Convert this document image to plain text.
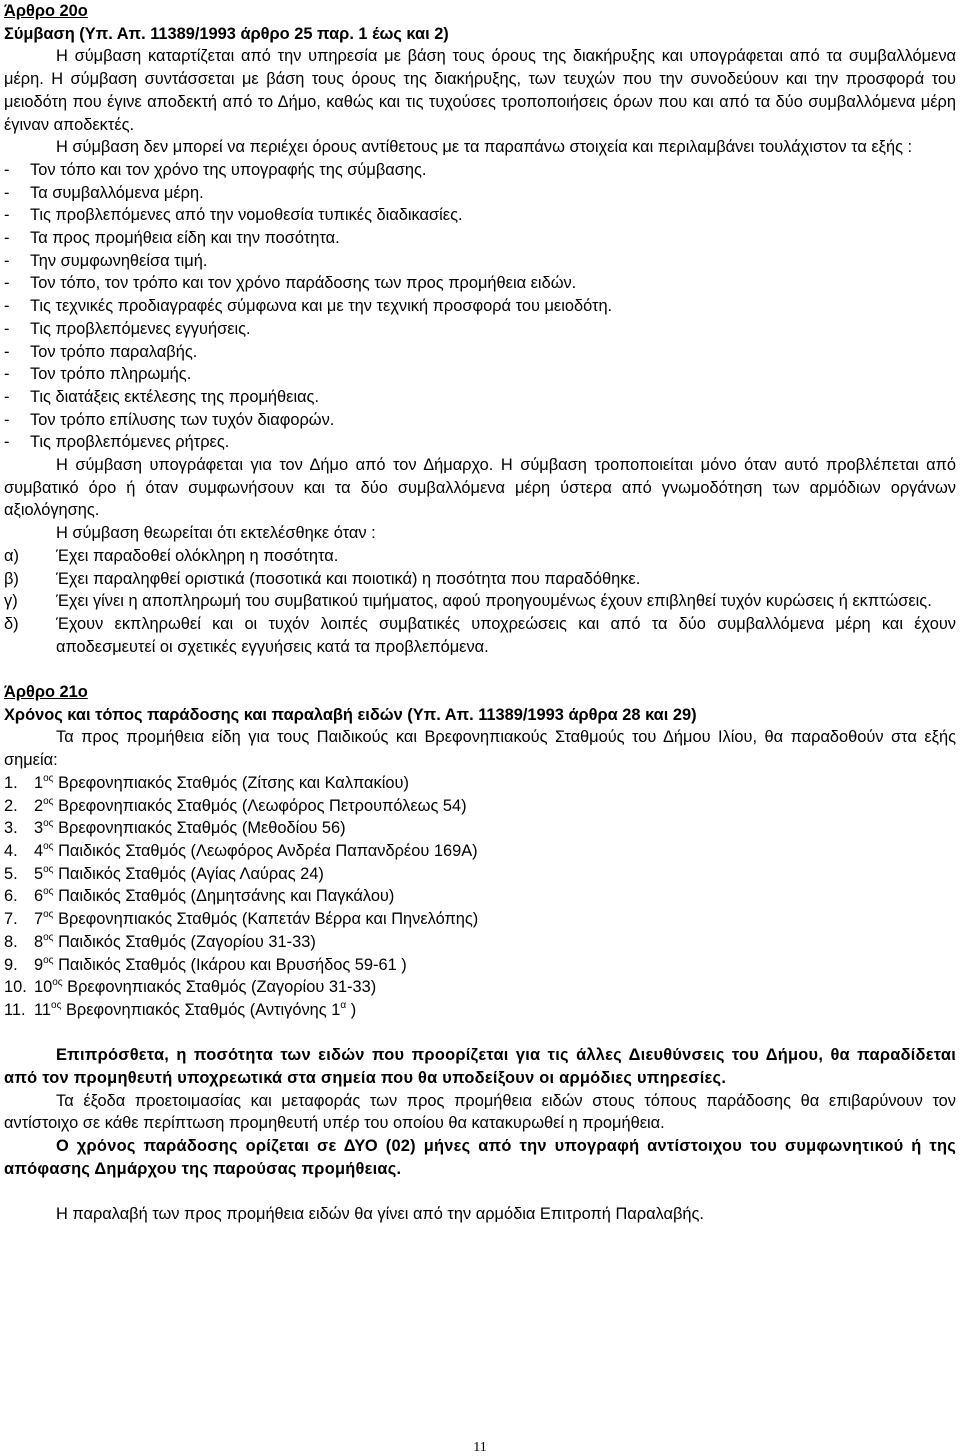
Άρθρο 20ο
Σύμβαση (Υπ. Απ. 11389/1993 άρθρο 25 παρ. 1 έως και 2)
Η σύμβαση καταρτίζεται από την υπηρεσία με βάση τους όρους της διακήρυξης και υπογράφεται από τα συμβαλλόμενα μέρη. Η σύμβαση συντάσσεται με βάση τους όρους της διακήρυξης, των τευχών που την συνοδεύουν και την προσφορά του μειοδότη που έγινε αποδεκτή από το Δήμο, καθώς και τις τυχούσες τροποποιήσεις όρων που και από τα δύο συμβαλλόμενα μέρη έγιναν αποδεκτές.
Η σύμβαση δεν μπορεί να περιέχει όρους αντίθετους με τα παραπάνω στοιχεία και περιλαμβάνει τουλάχιστον τα εξής :
-	Τον τόπο και τον χρόνο της υπογραφής της σύμβασης.
-	Τα συμβαλλόμενα μέρη.
-	Τις προβλεπόμενες από την νομοθεσία τυπικές διαδικασίες.
-	Τα προς προμήθεια είδη και την ποσότητα.
-	Την συμφωνηθείσα τιμή.
-	Τον τόπο, τον τρόπο και τον χρόνο παράδοσης των προς προμήθεια ειδών.
-	Τις τεχνικές προδιαγραφές σύμφωνα και με την τεχνική προσφορά του μειοδότη.
-	Τις προβλεπόμενες εγγυήσεις.
-	Τον τρόπο παραλαβής.
-	Τον τρόπο πληρωμής.
-	Τις διατάξεις εκτέλεσης της προμήθειας.
-	Τον τρόπο επίλυσης των τυχόν διαφορών.
-	Τις προβλεπόμενες ρήτρες.
Η σύμβαση υπογράφεται για τον Δήμο από τον Δήμαρχο. Η σύμβαση τροποποιείται μόνο όταν αυτό προβλέπεται από συμβατικό όρο ή όταν συμφωνήσουν και τα δύο συμβαλλόμενα μέρη ύστερα από γνωμοδότηση των αρμόδιων οργάνων αξιολόγησης.
Η σύμβαση θεωρείται ότι εκτελέσθηκε όταν :
α)	Έχει παραδοθεί ολόκληρη η ποσότητα.
β)	Έχει παραληφθεί οριστικά (ποσοτικά και ποιοτικά) η ποσότητα που παραδόθηκε.
γ)	Έχει γίνει η αποπληρωμή του συμβατικού τιμήματος, αφού προηγουμένως έχουν επιβληθεί τυχόν κυρώσεις ή εκπτώσεις.
δ)	Έχουν εκπληρωθεί και οι τυχόν λοιπές συμβατικές υποχρεώσεις και από τα δύο συμβαλλόμενα μέρη και έχουν αποδεσμευτεί οι σχετικές εγγυήσεις κατά τα προβλεπόμενα.
Άρθρο 21ο
Χρόνος και τόπος παράδοσης και παραλαβή ειδών (Υπ. Απ. 11389/1993 άρθρα 28 και 29)
Τα προς προμήθεια είδη για τους Παιδικούς και Βρεφονηπιακούς Σταθμούς του Δήμου Ιλίου, θα παραδοθούν στα εξής σημεία:
1. $1^{o\varsigma}$ Βρεφονηπιακός Σταθμός (Ζίτσης και Καλπακίου)
2. $2^{o\varsigma}$ Βρεφονηπιακός Σταθμός (Λεωφόρος Πετρουπόλεως 54)
3. $3^{o\varsigma}$ Βρεφονηπιακός Σταθμός (Μεθοδίου 56)
4. $4^{o\varsigma}$ Παιδικός Σταθμός (Λεωφόρος Ανδρέα Παπανδρέου 169Α)
5. $5^{o\varsigma}$ Παιδικός Σταθμός (Αγίας Λαύρας 24)
6. $6^{o\varsigma}$ Παιδικός Σταθμός (Δημητσάνης και Παγκάλου)
7. $7^{o\varsigma}$ Βρεφονηπιακός Σταθμός (Καπετάν Βέρρα και Πηνελόπης)
8. $8^{o\varsigma}$ Παιδικός Σταθμός (Ζαγορίου 31-33)
9. $9^{o\varsigma}$ Παιδικός Σταθμός (Ικάρου και Βρυσήδος 59-61 )
10. $10^{o\varsigma}$ Βρεφονηπιακός Σταθμός (Ζαγορίου 31-33)
11. $11^{o\varsigma}$ Βρεφονηπιακός Σταθμός (Αντιγόνης $1^\alpha$ )
Επιπρόσθετα, η ποσότητα των ειδών που προορίζεται για τις άλλες Διευθύνσεις του Δήμου, θα παραδίδεται από τον προμηθευτή υποχρεωτικά στα σημεία που θα υποδείξουν οι αρμόδιες υπηρεσίες.
Τα έξοδα προετοιμασίας και μεταφοράς των προς προμήθεια ειδών στους τόπους παράδοσης θα επιβαρύνουν τον αντίστοιχο σε κάθε περίπτωση προμηθευτή υπέρ του οποίου θα κατακυρωθεί η προμήθεια.
Ο χρόνος παράδοσης ορίζεται σε ΔΥΟ (02) μήνες από την υπογραφή αντίστοιχου του συμφωνητικού ή της απόφασης Δημάρχου της παρούσας προμήθειας.
Η παραλαβή των προς προμήθεια ειδών θα γίνει από την αρμόδια Επιτροπή Παραλαβής.
11
